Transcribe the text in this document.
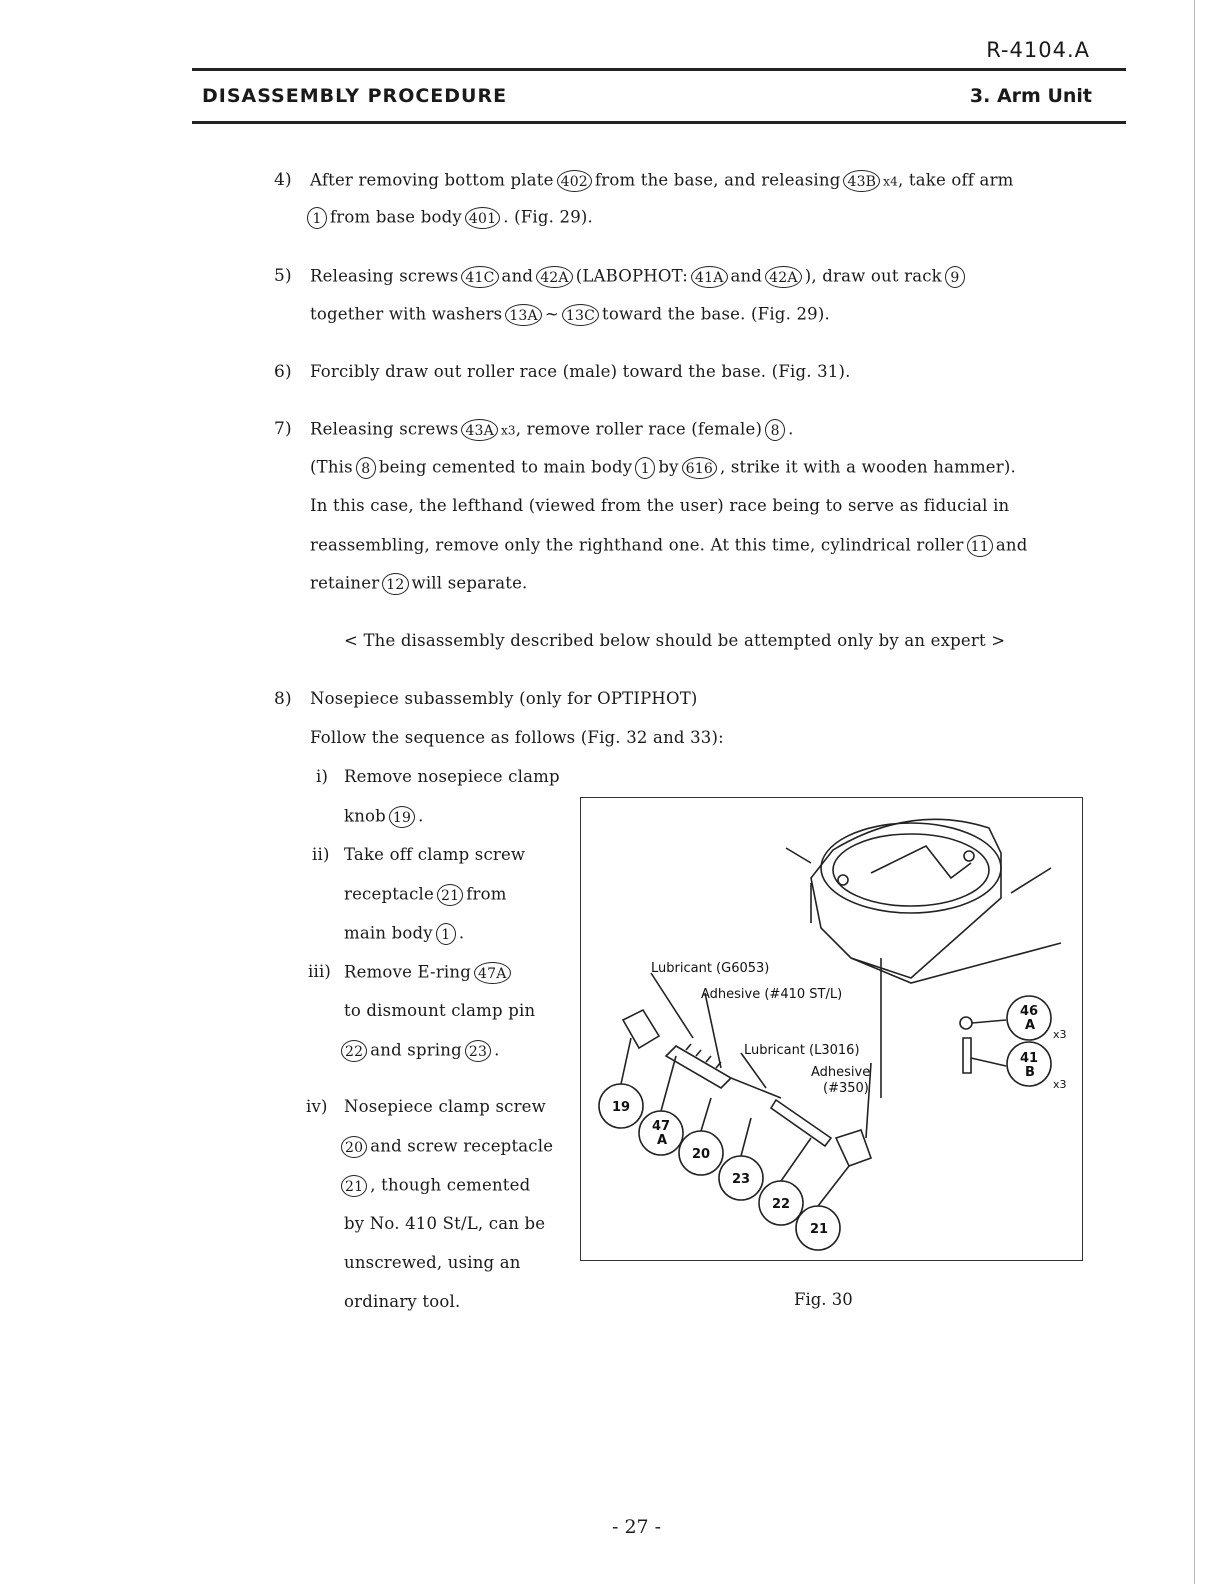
R-4104.A
DISASSEMBLY PROCEDURE	3. Arm Unit
4) After removing bottom plate 402 from the base, and releasing 43B x4, take off arm
1 from base body 401 . (Fig. 29).
5) Releasing screws 41C and 42A (LABOPHOT: 41A and 42A ), draw out rack 9
together with washers 13A ~ 13C toward the base. (Fig. 29).
6) Forcibly draw out roller race (male) toward the base. (Fig. 31).
7) Releasing screws 43A x3, remove roller race (female) 8 .
(This 8 being cemented to main body 1 by 616 , strike it with a wooden hammer).
In this case, the lefthand (viewed from the user) race being to serve as fiducial in
reassembling, remove only the righthand one. At this time, cylindrical roller 11 and
retainer 12 will separate.
< The disassembly described below should be attempted only by an expert >
8) Nosepiece subassembly (only for OPTIPHOT)
Follow the sequence as follows (Fig. 32 and 33):
i) Remove nosepiece clamp
knob 19 .
ii) Take off clamp screw
receptacle 21 from
main body 1 .
iii) Remove E-ring 47A
to dismount clamp pin
22 and spring 23 .
iv) Nosepiece clamp screw
20 and screw receptacle
21 , though cemented
by No. 410 St/L, can be
unscrewed, using an
ordinary tool.
Lubricant (G6053)
Adhesive (#410 ST/L)
Lubricant (L3016)
Adhesive
(#350)
19
47
A
20
23
22
21
46
A
x3
41
B
x3
Fig. 30
- 27 -
